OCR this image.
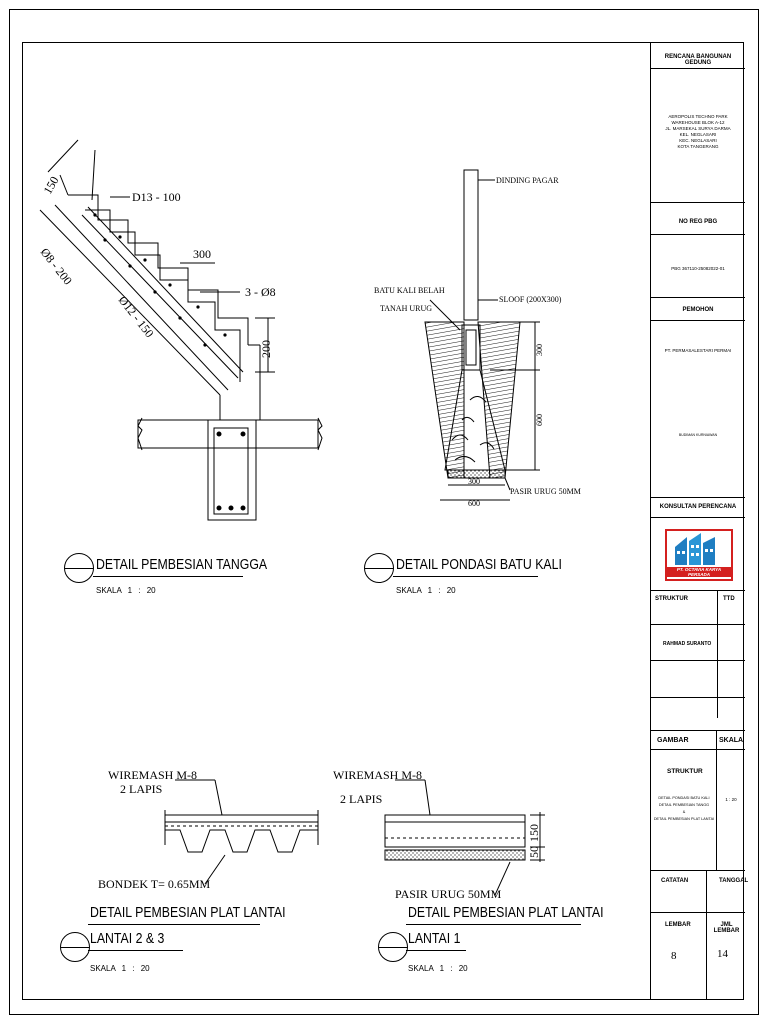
D13 - 100
300
3 - Ø8
200
150
Ø8 - 200
Ø12 - 150
DINDING PAGAR
BATU KALI BELAH
TANAH URUG
SLOOF (200X300)
300
600
300
600
PASIR URUG 50MM
WIREMASH M-8
2 LAPIS
BONDEK T= 0.65MM
WIREMASH M-8
2 LAPIS
50
150
PASIR URUG 50MM
DETAIL PEMBESIAN TANGGA
SKALA 1 : 20
DETAIL PONDASI BATU KALI
SKALA 1 : 20
DETAIL PEMBESIAN PLAT LANTAI
LANTAI 2 & 3
SKALA 1 : 20
DETAIL PEMBESIAN PLAT LANTAI
LANTAI 1
SKALA 1 : 20
RENCANA BANGUNAN GEDUNG
AEROPOLIS TECHNO PARK
WAREHOUSE BLOK A-12
JL. MARSEKAL SURYA DARMA
KEL. NEGLASARI
KEC. NEGLASARI
KOTA TANGERANG
NO REG PBG
PBG 367110-25082022-01
PEMOHON
PT. PERMASALESTARI PERMAI
BUDIMAN KURNIAWAN
KONSULTAN PERENCANA
PT. OCTAVIA KARYA PERSADA
STRUKTUR	TTD
RAHMAD SURANTO
GAMBAR	SKALA
STRUKTUR
DETAIL PONDASI BATU KALI
DETAIL PEMBESIAN TANGG
&
DETAIL PEMBESIAN PLAT LANTAI
1 : 20
CATATAN	TANGGAL
LEMBAR	JML LEMBAR
8	14
